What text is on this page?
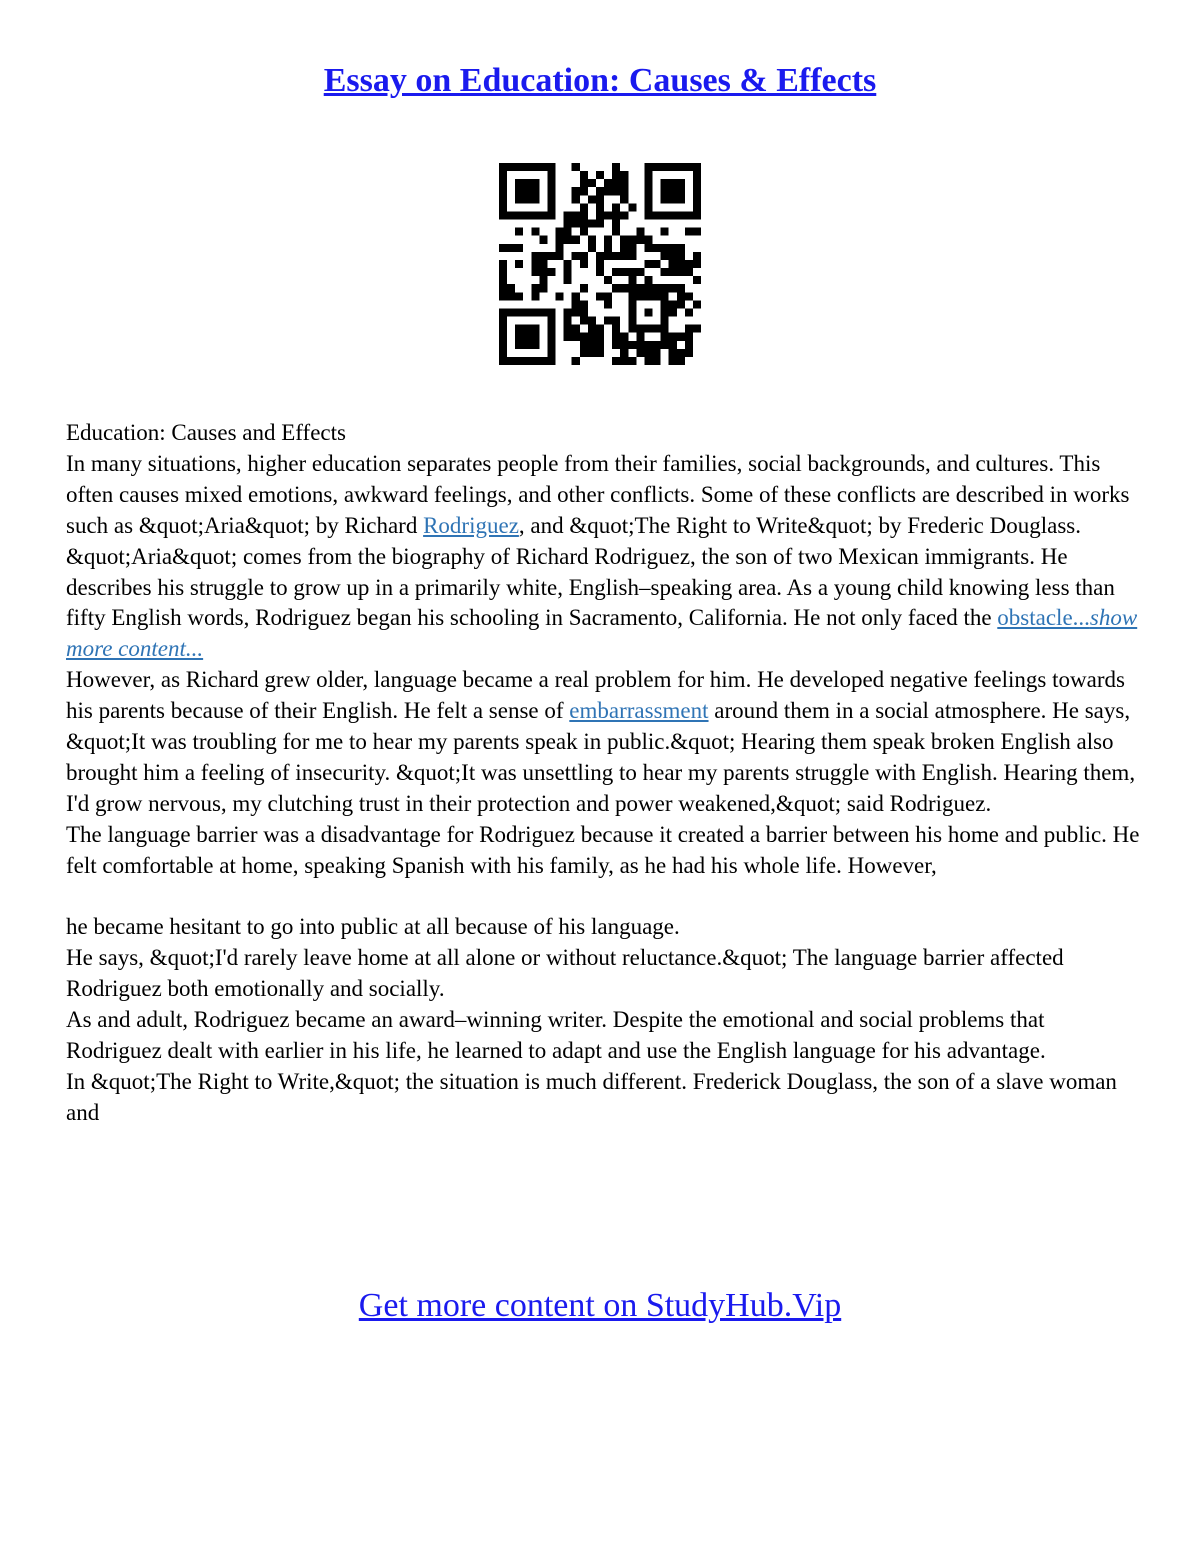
Essay on Education: Causes & Effects

Education: Causes and Effects

In many situations, higher education separates people from their families, social backgrounds, and cultures. This often causes mixed emotions, awkward feelings, and other conflicts. Some of these conflicts are described in works such as &quot;Aria&quot; by Richard Rodriguez, and &quot;The Right to Write&quot; by Frederic Douglass.

&quot;Aria&quot; comes from the biography of Richard Rodriguez, the son of two Mexican immigrants. He describes his struggle to grow up in a primarily white, English–speaking area. As a young child knowing less than fifty English words, Rodriguez began his schooling in Sacramento, California. He not only faced the obstacle...show more content...

However, as Richard grew older, language became a real problem for him. He developed negative feelings towards his parents because of their English. He felt a sense of embarrassment around them in a social atmosphere. He says, &quot;It was troubling for me to hear my parents speak in public.&quot; Hearing them speak broken English also brought him a feeling of insecurity. &quot;It was unsettling to hear my parents struggle with English. Hearing them, I'd grow nervous, my clutching trust in their protection and power weakened,&quot; said Rodriguez.

The language barrier was a disadvantage for Rodriguez because it created a barrier between his home and public. He felt comfortable at home, speaking Spanish with his family, as he had his whole life. However,

he became hesitant to go into public at all because of his language.

He says, &quot;I'd rarely leave home at all alone or without reluctance.&quot; The language barrier affected Rodriguez both emotionally and socially.

As and adult, Rodriguez became an award–winning writer. Despite the emotional and social problems that Rodriguez dealt with earlier in his life, he learned to adapt and use the English language for his advantage.

In &quot;The Right to Write,&quot; the situation is much different. Frederick Douglass, the son of a slave woman and

Get more content on StudyHub.Vip
